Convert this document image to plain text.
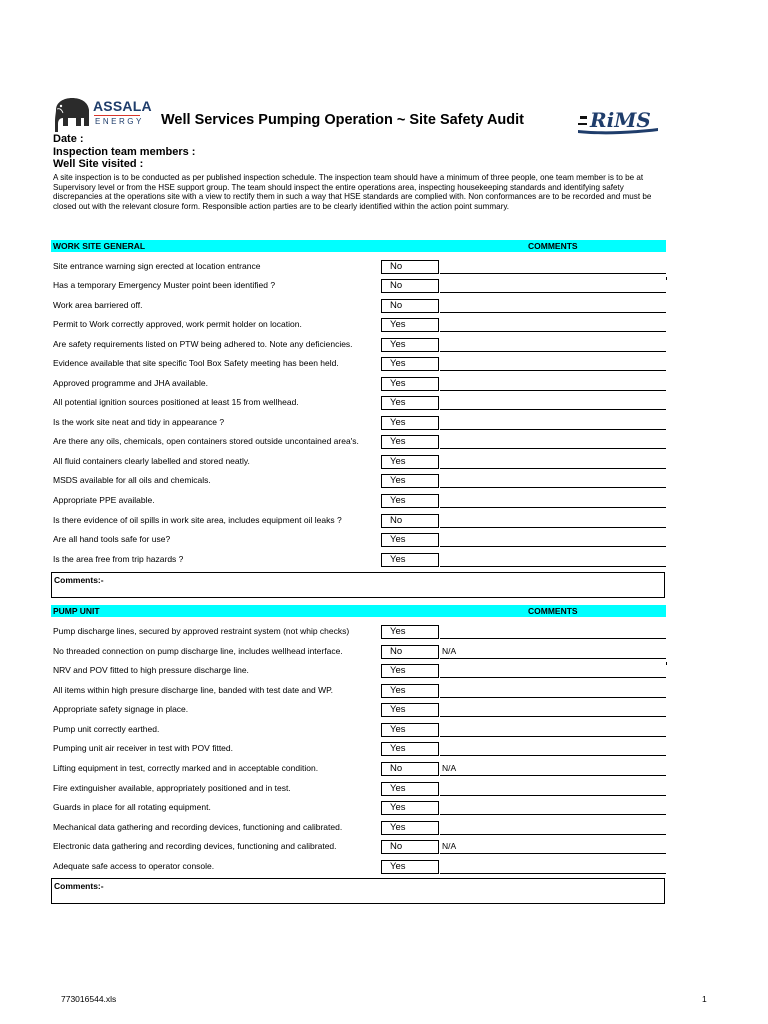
ASSALA
ENERGY Well Services Pumping Operation ~ Site Safety Audit	RiMS
Date :
Inspection team members :
Well Site visited :
A site inspection is to be conducted as per published inspection schedule. The inspection team should have a minimum of three people, one team member is to be at Supervisory level or from the HSE support group. The team should inspect the entire operations area, inspecting housekeeping standards and identifying safety discrepancies at the operations site with a view to rectify them in such a way that HSE standards are complied with. Non conformances are to be recorded and must be closed out with the relevant closure form. Responsible action parties are to be clearly identified within the action point summary.
WORK SITE GENERAL	COMMENTS
Site entrance warning sign erected at location entrance	No
Has a temporary Emergency Muster point been identified ?	No
Work area barriered off.	No
Permit to Work correctly approved, work permit holder on location.	Yes
Are safety requirements listed on PTW being adhered to. Note any deficiencies.	Yes
Evidence available that site specific Tool Box Safety meeting has been held.	Yes
Approved programme and JHA available.	Yes
All potential ignition sources positioned at least 15 from wellhead.	Yes
Is the work site neat and tidy in appearance ?	Yes
Are there any oils, chemicals, open containers stored outside uncontained area's.	Yes
All fluid containers clearly labelled and stored neatly.	Yes
MSDS available for all oils and chemicals.	Yes
Appropriate PPE available.	Yes
Is there evidence of oil spills in work site area, includes equipment oil leaks ?	No
Are all hand tools safe for use?	Yes
Is the area free from trip hazards ?	Yes
Comments:-
PUMP UNIT	COMMENTS
Pump discharge lines, secured by approved restraint system (not whip checks)	Yes
No threaded connection on pump discharge line, includes wellhead interface.	No	N/A
NRV and POV fitted to high pressure discharge line.	Yes
All items within high presure discharge line, banded with test date and WP.	Yes
Appropriate safety signage in place.	Yes
Pump unit correctly earthed.	Yes
Pumping unit air receiver in test with POV fitted.	Yes
Lifting equipment in test, correctly marked and in acceptable condition.	No	N/A
Fire extinguisher available, appropriately positioned and in test.	Yes
Guards in place for all rotating equipment.	Yes
Mechanical data gathering and recording devices, functioning and calibrated.	Yes
Electronic data gathering and recording devices, functioning and calibrated.	No	N/A
Adequate safe access to operator console.	Yes
Comments:-
773016544.xls	1
